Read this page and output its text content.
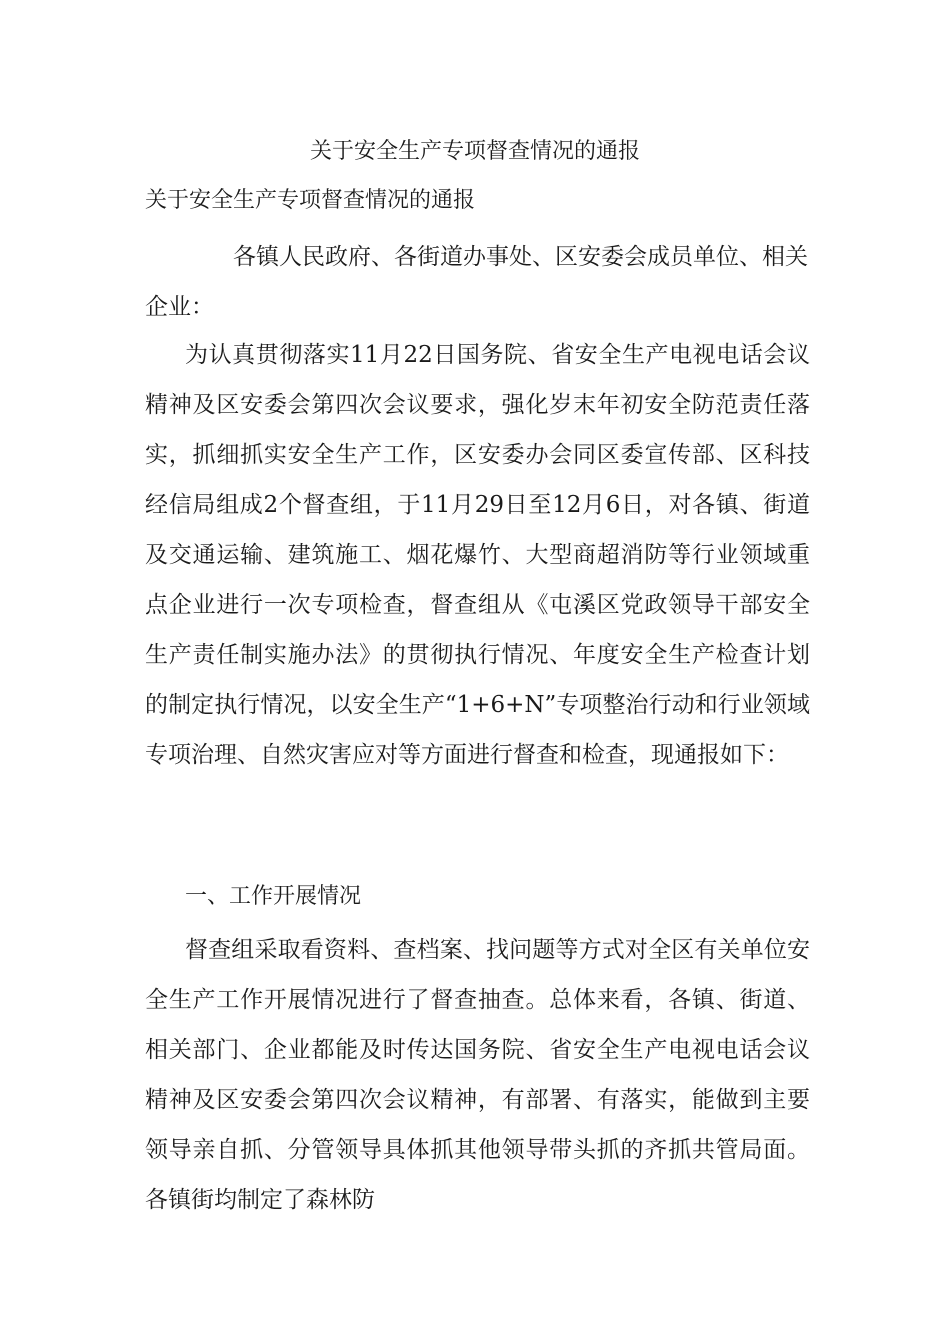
关于安全生产专项督查情况的通报
关于安全生产专项督查情况的通报
各镇人民政府、各街道办事处、区安委会成员单位、相关企业：
为认真贯彻落实11月22日国务院、省安全生产电视电话会议精神及区安委会第四次会议要求，强化岁末年初安全防范责任落实，抓细抓实安全生产工作，区安委办会同区委宣传部、区科技经信局组成2个督查组，于11月29日至12月6日，对各镇、街道及交通运输、建筑施工、烟花爆竹、大型商超消防等行业领域重点企业进行一次专项检查，督查组从《屯溪区党政领导干部安全生产责任制实施办法》的贯彻执行情况、年度安全生产检查计划的制定执行情况，以安全生产“1+6+N”专项整治行动和行业领域专项治理、自然灾害应对等方面进行督查和检查，现通报如下：
一、工作开展情况
督查组采取看资料、查档案、找问题等方式对全区有关单位安全生产工作开展情况进行了督查抽查。总体来看，各镇、街道、相关部门、企业都能及时传达国务院、省安全生产电视电话会议精神及区安委会第四次会议精神，有部署、有落实，能做到主要领导亲自抓、分管领导具体抓其他领导带头抓的齐抓共管局面。各镇街均制定了森林防
